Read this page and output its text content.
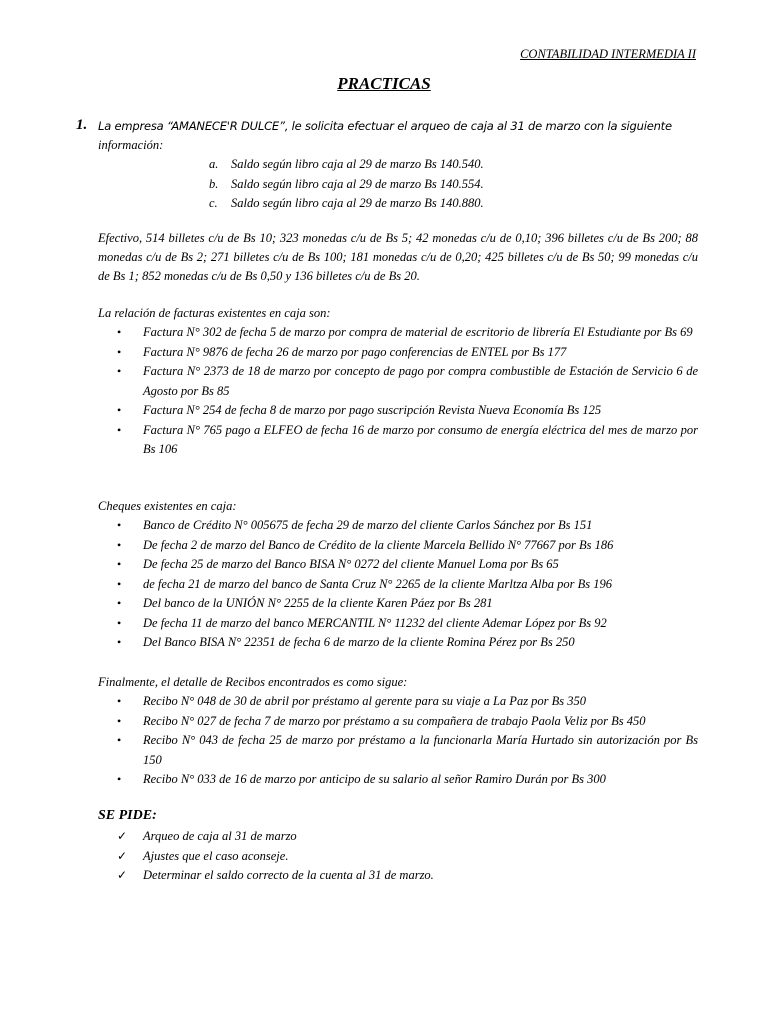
CONTABILIDAD INTERMEDIA II
PRACTICAS
1. La empresa “AMANECE'R DULCE”, le solicita efectuar el arqueo de caja al 31 de marzo con la siguiente
información:
a. Saldo según libro caja al 29 de marzo Bs 140.540.
b. Saldo según libro caja al 29 de marzo Bs 140.554.
c. Saldo según libro caja al 29 de marzo Bs 140.880.
Efectivo, 514 billetes c/u de Bs 10; 323 monedas c/u de Bs 5; 42 monedas c/u de 0,10; 396 billetes c/u de Bs 200; 88 monedas c/u de Bs 2; 271 billetes c/u de Bs 100; 181 monedas c/u de 0,20; 425 billetes c/u de Bs 50; 99 monedas c/u de Bs 1; 852 monedas c/u de Bs 0,50 y 136 billetes c/u de Bs 20.
La relación de facturas existentes en caja son:
• Factura N° 302 de fecha 5 de marzo por compra de material de escritorio de librería El Estudiante por Bs 69
• Factura N° 9876 de fecha 26 de marzo por pago conferencias de ENTEL por Bs 177
• Factura N° 2373 de 18 de marzo por concepto de pago por compra combustible de Estación de Servicio 6 de Agosto por Bs 85
• Factura N° 254 de fecha 8 de marzo por pago suscripción Revista Nueva Economía Bs 125
• Factura N° 765 pago a ELFEO de fecha 16 de marzo por consumo de energía eléctrica del mes de marzo por Bs 106
Cheques existentes en caja:
• Banco de Crédito N° 005675 de fecha 29 de marzo del cliente Carlos Sánchez por Bs 151
• De fecha 2 de marzo del Banco de Crédito de la cliente Marcela Bellido N° 77667 por Bs 186
• De fecha 25 de marzo del Banco BISA N° 0272 del cliente Manuel Loma por Bs 65
• de fecha 21 de marzo del banco de Santa Cruz N° 2265 de la cliente Marltza Alba por Bs 196
• Del banco de la UNIÓN N° 2255 de la cliente Karen Páez por Bs 281
• De fecha 11 de marzo del banco MERCANTIL N° 11232 del cliente Ademar López por Bs 92
• Del Banco BISA N° 22351 de fecha 6 de marzo de la cliente Romina Pérez por Bs 250
Finalmente, el detalle de Recibos encontrados es como sigue:
• Recibo N° 048 de 30 de abril por préstamo al gerente para su viaje a La Paz por Bs 350
• Recibo N° 027 de fecha 7 de marzo por préstamo a su compañera de trabajo Paola Veliz por Bs 450
• Recibo N° 043 de fecha 25 de marzo por préstamo a la funcionarla María Hurtado sin autorización por Bs 150
• Recibo N° 033 de 16 de marzo por anticipo de su salario al señor Ramiro Durán por Bs 300
SE PIDE:
✓ Arqueo de caja al 31 de marzo
✓ Ajustes que el caso aconseje.
✓ Determinar el saldo correcto de la cuenta al 31 de marzo.
